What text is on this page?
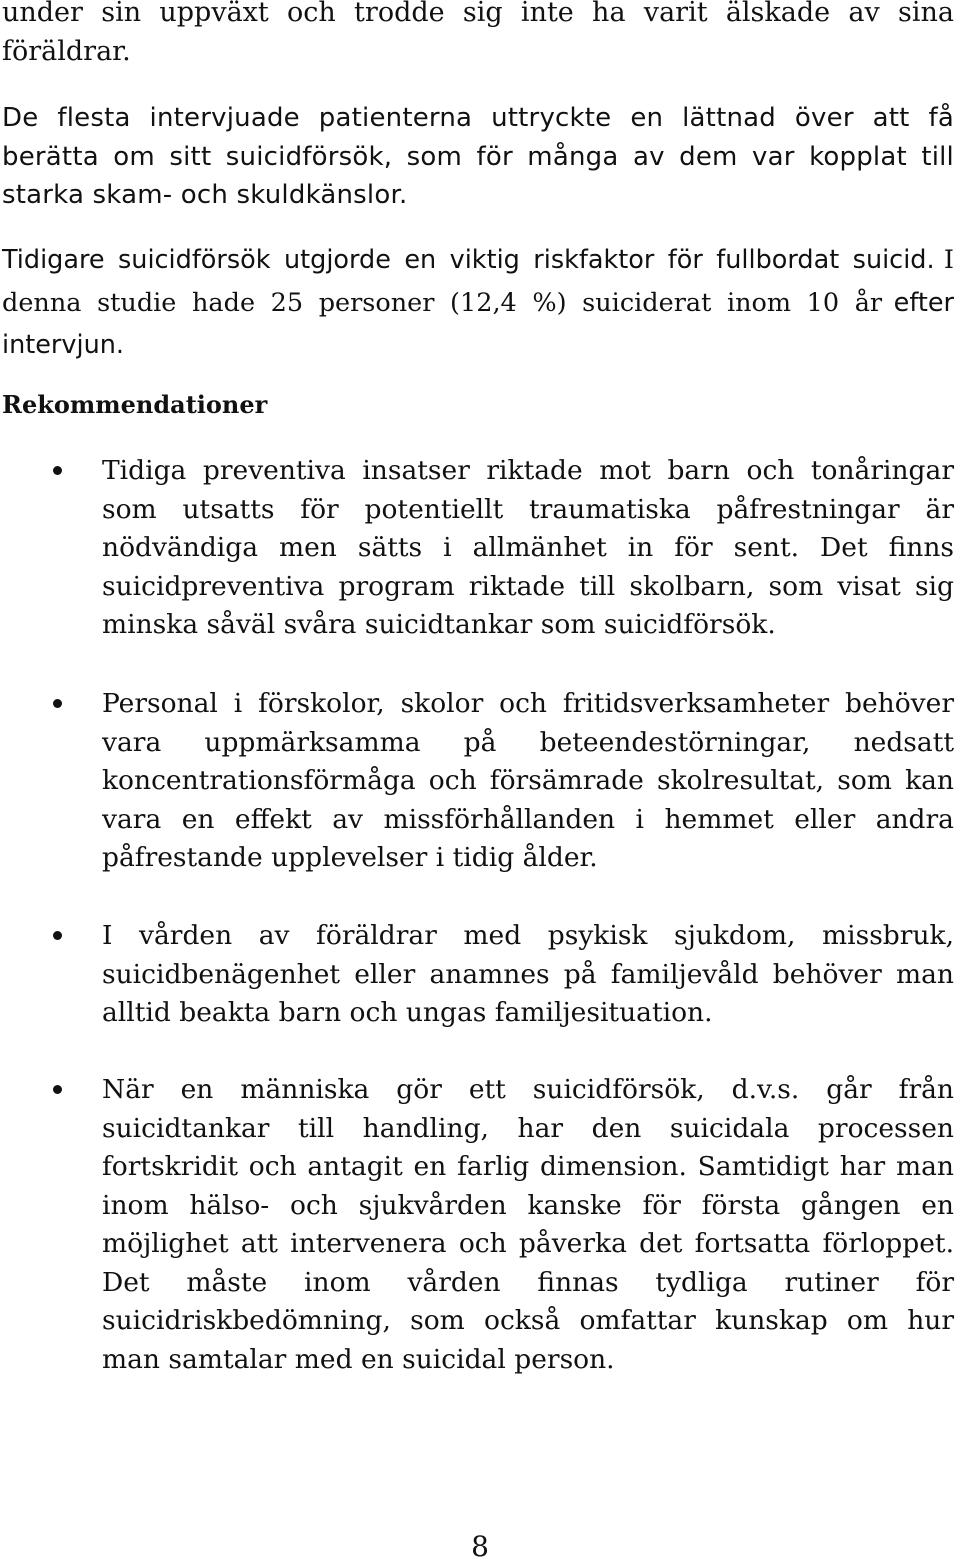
under sin uppväxt och trodde sig inte ha varit älskade av sina föräldrar.

De flesta intervjuade patienterna uttryckte en lättnad över att få berätta om sitt suicidförsök, som för många av dem var kopplat till starka skam- och skuldkänslor.

Tidigare suicidförsök utgjorde en viktig riskfaktor för fullbordat suicid. I denna studie hade 25 personer (12,4 %) suiciderat inom 10 år efter intervjun.

Rekommendationer
Tidiga preventiva insatser riktade mot barn och tonåringar som utsatts för potentiellt traumatiska påfrestningar är nödvändiga men sätts i allmänhet in för sent. Det finns suicidpreventiva program riktade till skolbarn, som visat sig minska såväl svåra suicidtankar som suicidförsök.
Personal i förskolor, skolor och fritidsverksamheter behöver vara uppmärksamma på beteendestörningar, nedsatt koncentrationsförmåga och försämrade skolresultat, som kan vara en effekt av missförhållanden i hemmet eller andra påfrestande upplevelser i tidig ålder.
I vården av föräldrar med psykisk sjukdom, missbruk, suicidbenägenhet eller anamnes på familjevåld behöver man alltid beakta barn och ungas familjesituation.
När en människa gör ett suicidförsök, d.v.s. går från suicidtankar till handling, har den suicidala processen fortskridit och antagit en farlig dimension. Samtidigt har man inom hälso- och sjukvården kanske för första gången en möjlighet att intervenera och påverka det fortsatta förloppet. Det måste inom vården finnas tydliga rutiner för suicidriskbedömning, som också omfattar kunskap om hur man samtalar med en suicidal person.
8
